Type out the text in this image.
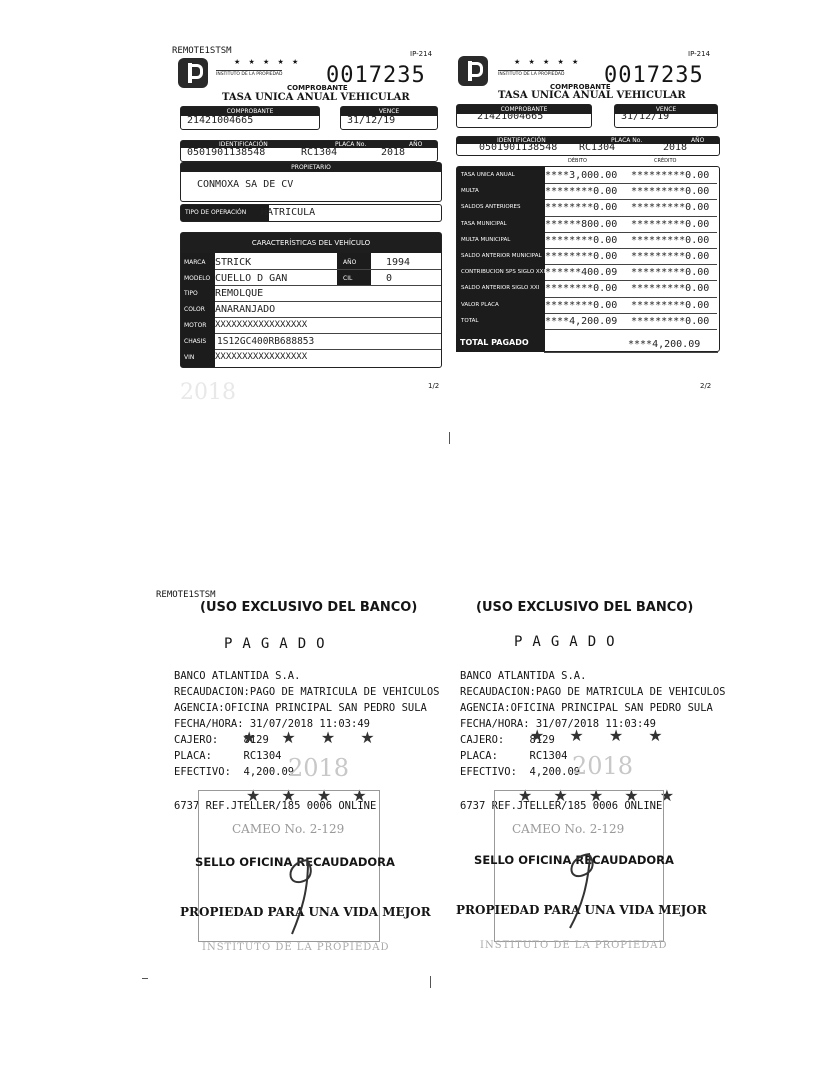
REMOTE1STSM	IP-214
★ ★ ★ ★ ★
INSTITUTO DE LA PROPIEDAD
COMPROBANTE
0017235
TASA UNICA ANUAL VEHICULAR
COMPROBANTE
21421004665
VENCE
31/12/19
IDENTIFICACIÓN	PLACA No.	AÑO
0501901138548	RC1304	2018
PROPIETARIO
CONMOXA SA DE CV
TIPO DE OPERACIÓN	MATRICULA
CARACTERÍSTICAS DEL VEHÍCULO
MARCA STRICK	AÑO	1994
MODELO CUELLO D GAN	CIL	0
TIPO REMOLQUE
COLOR ANARANJADO
MOTOR XXXXXXXXXXXXXXXXX
CHASIS 1S12GC400RB688853
VIN XXXXXXXXXXXXXXXXX
2018	1/2
IP-214
★ ★ ★ ★ ★
INSTITUTO DE LA PROPIEDAD
COMPROBANTE
0017235
TASA UNICA ANUAL VEHICULAR
COMPROBANTE
21421004665
VENCE
31/12/19
IDENTIFICACIÓN	PLACA No.	AÑO
0501901138548 RC1304	2018
DÉBITO	CRÉDITO
TASA UNICA ANUAL	****3,000.00 *********0.00
MULTA	********0.00 *********0.00
SALDOS ANTERIORES ********0.00 *********0.00
TASA MUNICIPAL	******800.00 *********0.00
MULTA MUNICIPAL	********0.00 *********0.00
SALDO ANTERIOR MUNICIPAL ********0.00 *********0.00
CONTRIBUCION SPS SIGLO XXI ******400.09 *********0.00
SALDO ANTERIOR SIGLO XXI ********0.00 *********0.00
VALOR PLACA	********0.00 *********0.00
TOTAL	****4,200.09 *********0.00
TOTAL PAGADO	****4,200.09
2/2
REMOTE1STSM
(USO EXCLUSIVO DEL BANCO)
PAGADO
BANCO ATLANTIDA S.A.
RECAUDACION:PAGO DE MATRICULA DE VEHICULOS
AGENCIA:OFICINA PRINCIPAL SAN PEDRO SULA
FECHA/HORA: 31/07/2018 11:03:49
CAJERO:    8129
PLACA:     RC1304
EFECTIVO:  4,200.09
★ ★ ★ ★
2018
★ ★ ★ ★
6737 REF.JTELLER/185 0006 ONLINE
CAMEO No. 2-129
SELLO OFICINA RECAUDADORA
PROPIEDAD PARA UNA VIDA MEJOR
INSTITUTO DE LA PROPIEDAD
(USO EXCLUSIVO DEL BANCO)
PAGADO
BANCO ATLANTIDA S.A.
RECAUDACION:PAGO DE MATRICULA DE VEHICULOS
AGENCIA:OFICINA PRINCIPAL SAN PEDRO SULA
FECHA/HORA: 31/07/2018 11:03:49
CAJERO:    8129
PLACA:     RC1304
EFECTIVO:  4,200.09
★ ★ ★ ★
2018
★ ★ ★ ★ ★
6737 REF.JTELLER/185 0006 ONLINE
CAMEO No. 2-129
SELLO OFICINA RECAUDADORA
PROPIEDAD PARA UNA VIDA MEJOR
INSTITUTO DE LA PROPIEDAD
